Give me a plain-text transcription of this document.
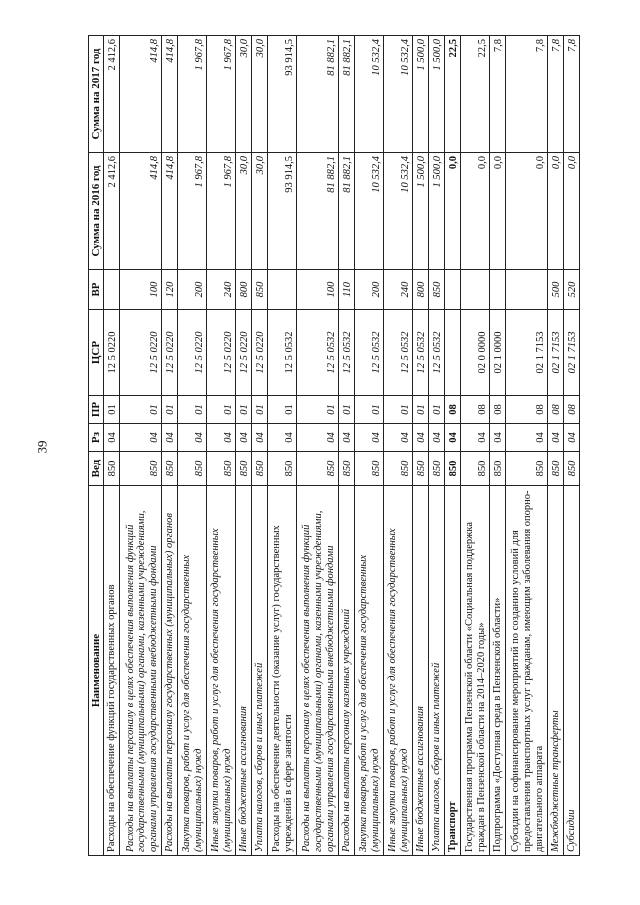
39
Наименование	Вед	Рз	ПР	ЦСР	ВР	Сумма на 2016 год	Сумма на 2017 год
Расходы на обеспечение функций государственных органов	850	04	01	12 5 0220		2 412,6	2 412,6
Расходы на выплаты персоналу в целях обеспечения выполнения функций государственными (муниципальными) органами, казенными учреждениями, органами управления государственными внебюджетными фондами	850	04	01	12 5 0220	100	414,8	414,8
Расходы на выплаты персоналу государственных (муниципальных) органов	850	04	01	12 5 0220	120	414,8	414,8
Закупка товаров, работ и услуг для обеспечения государственных (муниципальных) нужд	850	04	01	12 5 0220	200	1 967,8	1 967,8
Иные закупки товаров, работ и услуг для обеспечения государственных (муниципальных) нужд	850	04	01	12 5 0220	240	1 967,8	1 967,8
Иные бюджетные ассигнования	850	04	01	12 5 0220	800	30,0	30,0
Уплата налогов, сборов и иных платежей	850	04	01	12 5 0220	850	30,0	30,0
Расходы на обеспечение деятельности (оказание услуг) государственных учреждений в сфере занятости	850	04	01	12 5 0532		93 914,5	93 914,5
Расходы на выплаты персоналу в целях обеспечения выполнения функций государственными (муниципальными) органами, казенными учреждениями, органами управления государственными внебюджетными фондами	850	04	01	12 5 0532	100	81 882,1	81 882,1
Расходы на выплаты персоналу казенных учреждений	850	04	01	12 5 0532	110	81 882,1	81 882,1
Закупка товаров, работ и услуг для обеспечения государственных (муниципальных) нужд	850	04	01	12 5 0532	200	10 532,4	10 532,4
Иные закупки товаров, работ и услуг для обеспечения государственных (муниципальных) нужд	850	04	01	12 5 0532	240	10 532,4	10 532,4
Иные бюджетные ассигнования	850	04	01	12 5 0532	800	1 500,0	1 500,0
Уплата налогов, сборов и иных платежей	850	04	01	12 5 0532	850	1 500,0	1 500,0
Транспорт	850	04	08			0,0	22,5
Государственная программа Пензенской области «Социальная поддержка граждан в Пензенской области на 2014–2020 годы»	850	04	08	02 0 0000		0,0	22,5
Подпрограмма «Доступная среда в Пензенской области»	850	04	08	02 1 0000		0,0	7,8
Субсидии на софинансирование мероприятий по созданию условий для предоставления транспортных услуг гражданам, имеющим заболевания опорно-двигательного аппарата	850	04	08	02 1 7153		0,0	7,8
Межбюджетные трансферты	850	04	08	02 1 7153	500	0,0	7,8
Субсидии	850	04	08	02 1 7153	520	0,0	7,8
